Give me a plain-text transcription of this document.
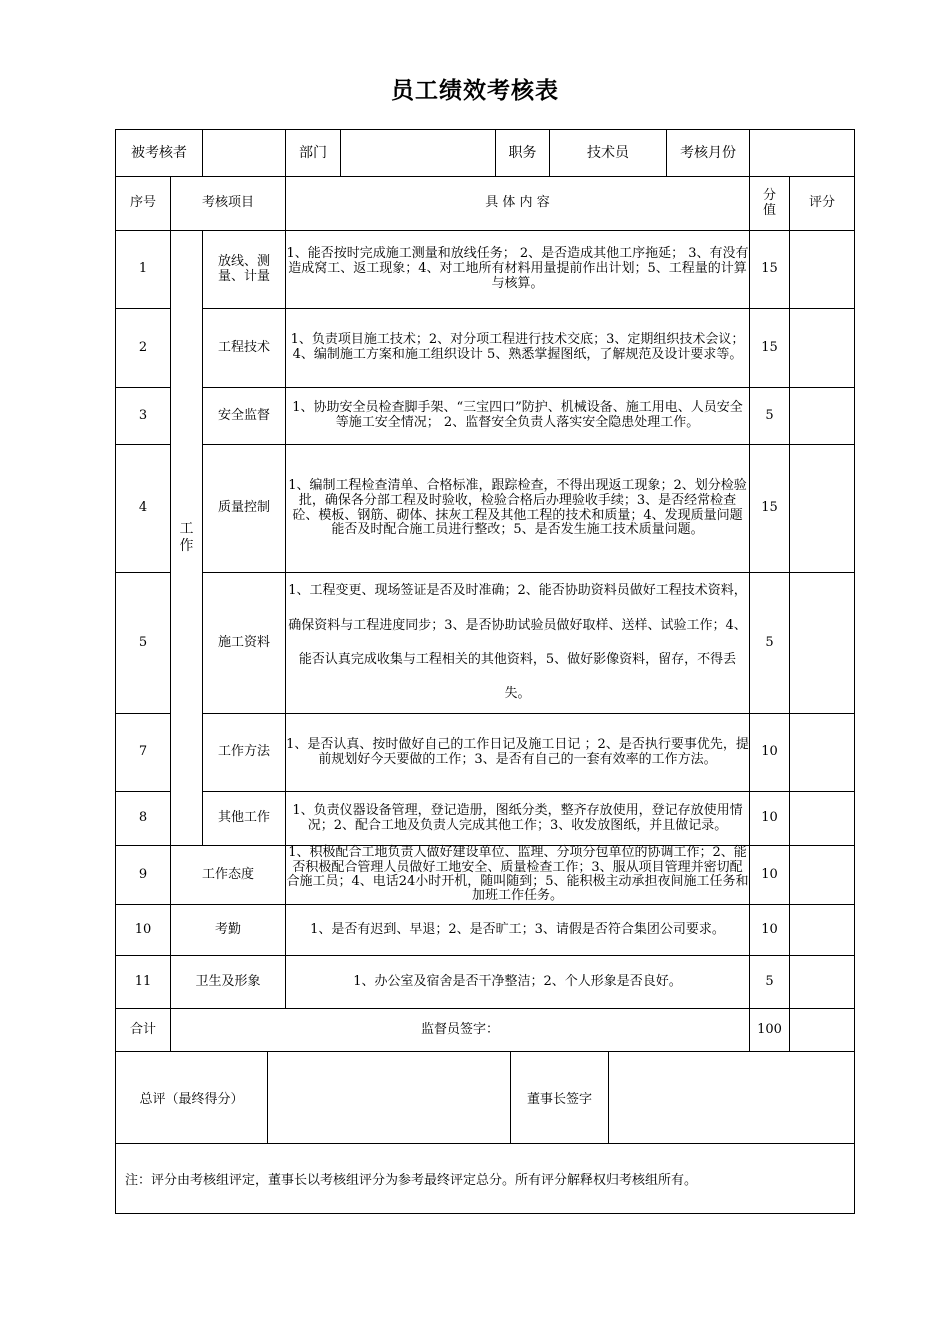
员工绩效考核表
被考核者			部门		职务	技术员	考核月份		
序号	考核项目		具 体 内 容					分值	评分
1	工作	放线、测量、计量	1、能否按时完成施工测量和放线任务； 2、是否造成其他工序拖延； 3、有没有造成窝工、返工现象；4、对工地所有材料用量提前作出计划；5、工程量的计算与核算。					15	
2		工程技术	1、负责项目施工技术；2、对分项工程进行技术交底；3、定期组织技术会议；4、编制施工方案和施工组织设计 5、熟悉掌握图纸，了解规范及设计要求等。					15	
3		安全监督	1、协助安全员检查脚手架、“三宝四口”防护、机械设备、施工用电、人员安全等施工安全情况； 2、监督安全负责人落实安全隐患处理工作。					5	
4		质量控制	1、编制工程检查清单、合格标准，跟踪检查，不得出现返工现象；2、划分检验批，确保各分部工程及时验收，检验合格后办理验收手续；3、是否经常检查砼、模板、钢筋、砌体、抹灰工程及其他工程的技术和质量；4、发现质量问题能否及时配合施工员进行整改；5、是否发生施工技术质量问题。					15	
5		施工资料	1、工程变更、现场签证是否及时准确；2、能否协助资料员做好工程技术资料，确保资料与工程进度同步；3、是否协助试验员做好取样、送样、试验工作；4、能否认真完成收集与工程相关的其他资料，5、做好影像资料，留存，不得丢失。					5	
7		工作方法	1、是否认真、按时做好自己的工作日记及施工日记 ；2、是否执行要事优先，提前规划好今天要做的工作；3、是否有自己的一套有效率的工作方法。					10	
8		其他工作	1、负责仪器设备管理，登记造册，图纸分类，整齐存放使用，登记存放使用情况；2、配合工地及负责人完成其他工作；3、收发放图纸，并且做记录。					10	
9	工作态度		1、积极配合工地负责人做好建设单位、监理、分项分包单位的协调工作；2、能否积极配合管理人员做好工地安全、质量检查工作；3、服从项目管理并密切配合施工员；4、电话24小时开机，随叫随到；5、能积极主动承担夜间施工任务和加班工作任务。					10	
10	考勤		1、是否有迟到、早退；2、是否旷工；3、请假是否符合集团公司要求。					10	
11	卫生及形象		1、办公室及宿舍是否干净整洁；2、个人形象是否良好。					5	
合计	监督员签字：							100	
总评（最终得分）		董事长签字	
注：评分由考核组评定，董事长以考核组评分为参考最终评定总分。所有评分解释权归考核组所有。
